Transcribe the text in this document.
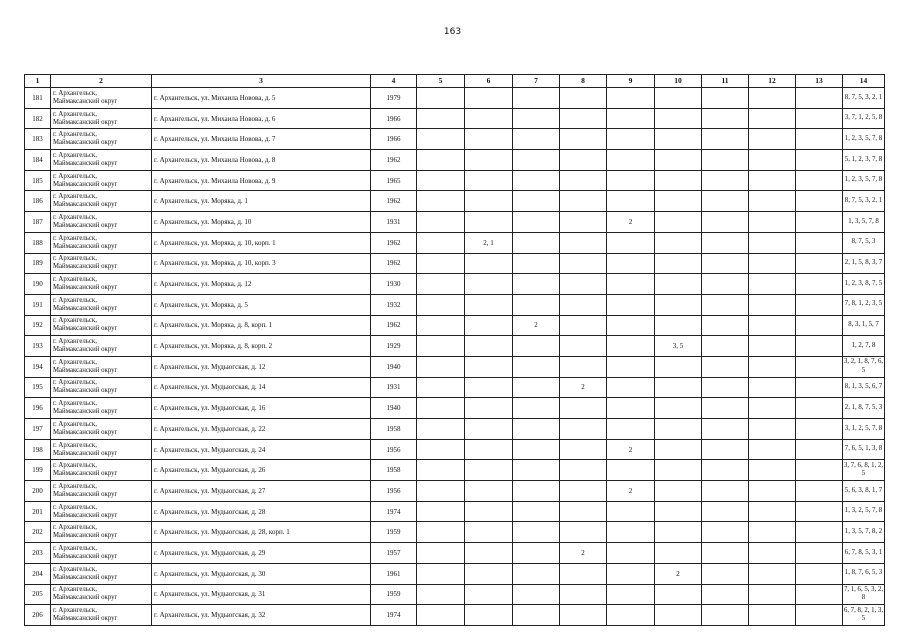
163
1	2	3	4	5	6	7	8	9	10	11	12	13	14
181	г. Архангельск,
Маймаксанский округ	г. Архангельск, ул. Михаила Новова, д. 5	1979										8, 7, 5, 3, 2, 1
182	г. Архангельск,
Маймаксанский округ	г. Архангельск, ул. Михаила Новова, д. 6	1966										3, 7, 1, 2, 5, 8
183	г. Архангельск,
Маймаксанский округ	г. Архангельск, ул. Михаила Новова, д. 7	1966										1, 2, 3, 5, 7, 8
184	г. Архангельск,
Маймаксанский округ	г. Архангельск, ул. Михаила Новова, д. 8	1962										5, 1, 2, 3, 7, 8
185	г. Архангельск,
Маймаксанский округ	г. Архангельск, ул. Михаила Новова, д. 9	1965										1, 2, 3, 5, 7, 8
186	г. Архангельск,
Маймаксанский округ	г. Архангельск, ул. Моряка, д. 1	1962										8, 7, 5, 3, 2, 1
187	г. Архангельск,
Маймаксанский округ	г. Архангельск, ул. Моряка, д. 10	1931					2					1, 3, 5, 7, 8
188	г. Архангельск,
Маймаксанский округ	г. Архангельск, ул. Моряка, д. 10, корп. 1	1962		2, 1								8, 7, 5, 3
189	г. Архангельск,
Маймаксанский округ	г. Архангельск, ул. Моряка, д. 10, корп. 3	1962										2, 1, 5, 8, 3, 7
190	г. Архангельск,
Маймаксанский округ	г. Архангельск, ул. Моряка, д. 12	1930										1, 2, 3, 8, 7, 5
191	г. Архангельск,
Маймаксанский округ	г. Архангельск, ул. Моряка, д. 5	1932										7, 8, 1, 2, 3, 5
192	г. Архангельск,
Маймаксанский округ	г. Архангельск, ул. Моряка, д. 8, корп. 1	1962			2							8, 3, 1, 5, 7
193	г. Архангельск,
Маймаксанский округ	г. Архангельск, ул. Моряка, д. 8, корп. 2	1929						3, 5				1, 2, 7, 8
194	г. Архангельск,
Маймаксанский округ	г. Архангельск, ул. Мудьюгская, д. 12	1940										3, 2, 1, 8, 7, 6, 5
195	г. Архангельск,
Маймаксанский округ	г. Архангельск, ул. Мудьюгская, д. 14	1931				2						8, 1, 3, 5, 6, 7
196	г. Архангельск,
Маймаксанский округ	г. Архангельск, ул. Мудьюгская, д. 16	1940										2, 1, 8, 7, 5, 3
197	г. Архангельск,
Маймаксанский округ	г. Архангельск, ул. Мудьюгская, д. 22	1958										3, 1, 2, 5, 7, 8
198	г. Архангельск,
Маймаксанский округ	г. Архангельск, ул. Мудьюгская, д. 24	1956					2					7, 6, 5, 1, 3, 8
199	г. Архангельск,
Маймаксанский округ	г. Архангельск, ул. Мудьюгская, д. 26	1958										3, 7, 6, 8, 1, 2, 5
200	г. Архангельск,
Маймаксанский округ	г. Архангельск, ул. Мудьюгская, д. 27	1956					2					5, 6, 3, 8, 1, 7
201	г. Архангельск,
Маймаксанский округ	г. Архангельск, ул. Мудьюгская, д. 28	1974										1, 3, 2, 5, 7, 8
202	г. Архангельск,
Маймаксанский округ	г. Архангельск, ул. Мудьюгская, д. 28, корп. 1	1959										1, 3, 5, 7, 8, 2
203	г. Архангельск,
Маймаксанский округ	г. Архангельск, ул. Мудьюгская, д. 29	1957				2						6, 7, 8, 5, 3, 1
204	г. Архангельск,
Маймаксанский округ	г. Архангельск, ул. Мудьюгская, д. 30	1961						2				1, 8, 7, 6, 5, 3
205	г. Архангельск,
Маймаксанский округ	г. Архангельск, ул. Мудьюгская, д. 31	1959										7, 1, 6, 5, 3, 2, 8
206	г. Архангельск,
Маймаксанский округ	г. Архангельск, ул. Мудьюгская, д. 32	1974										6, 7, 8, 2, 1, 3, 5
